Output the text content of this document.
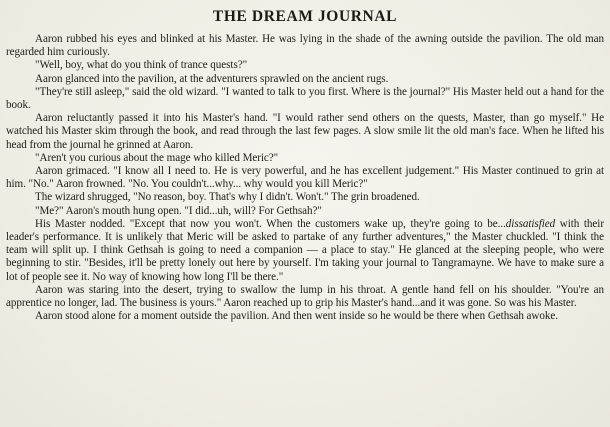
THE DREAM JOURNAL

Aaron rubbed his eyes and blinked at his Master. He was lying in the shade of the awning outside the pavilion. The old man regarded him curiously.

"Well, boy, what do you think of trance quests?"

Aaron glanced into the pavilion, at the adventurers sprawled on the ancient rugs.

"They're still asleep," said the old wizard. "I wanted to talk to you first. Where is the journal?" His Master held out a hand for the book.

Aaron reluctantly passed it into his Master's hand. "I would rather send others on the quests, Master, than go myself." He watched his Master skim through the book, and read through the last few pages. A slow smile lit the old man's face. When he lifted his head from the journal he grinned at Aaron.

"Aren't you curious about the mage who killed Meric?"

Aaron grimaced. "I know all I need to. He is very powerful, and he has excellent judgement." His Master continued to grin at him. "No." Aaron frowned. "No. You couldn't...why... why would you kill Meric?"

The wizard shrugged, "No reason, boy. That's why I didn't. Won't." The grin broadened.

"Me?" Aaron's mouth hung open. "I did...uh, will? For Gethsah?"

His Master nodded. "Except that now you won't. When the customers wake up, they're going to be...dissatisfied with their leader's performance. It is unlikely that Meric will be asked to partake of any further adventures," the Master chuckled. "I think the team will split up. I think Gethsah is going to need a companion — a place to stay." He glanced at the sleeping people, who were beginning to stir. "Besides, it'll be pretty lonely out here by yourself. I'm taking your journal to Tangramayne. We have to make sure a lot of people see it. No way of knowing how long I'll be there."

Aaron was staring into the desert, trying to swallow the lump in his throat. A gentle hand fell on his shoulder. "You're an apprentice no longer, lad. The business is yours." Aaron reached up to grip his Master's hand...and it was gone. So was his Master.

Aaron stood alone for a moment outside the pavilion. And then went inside so he would be there when Gethsah awoke.
